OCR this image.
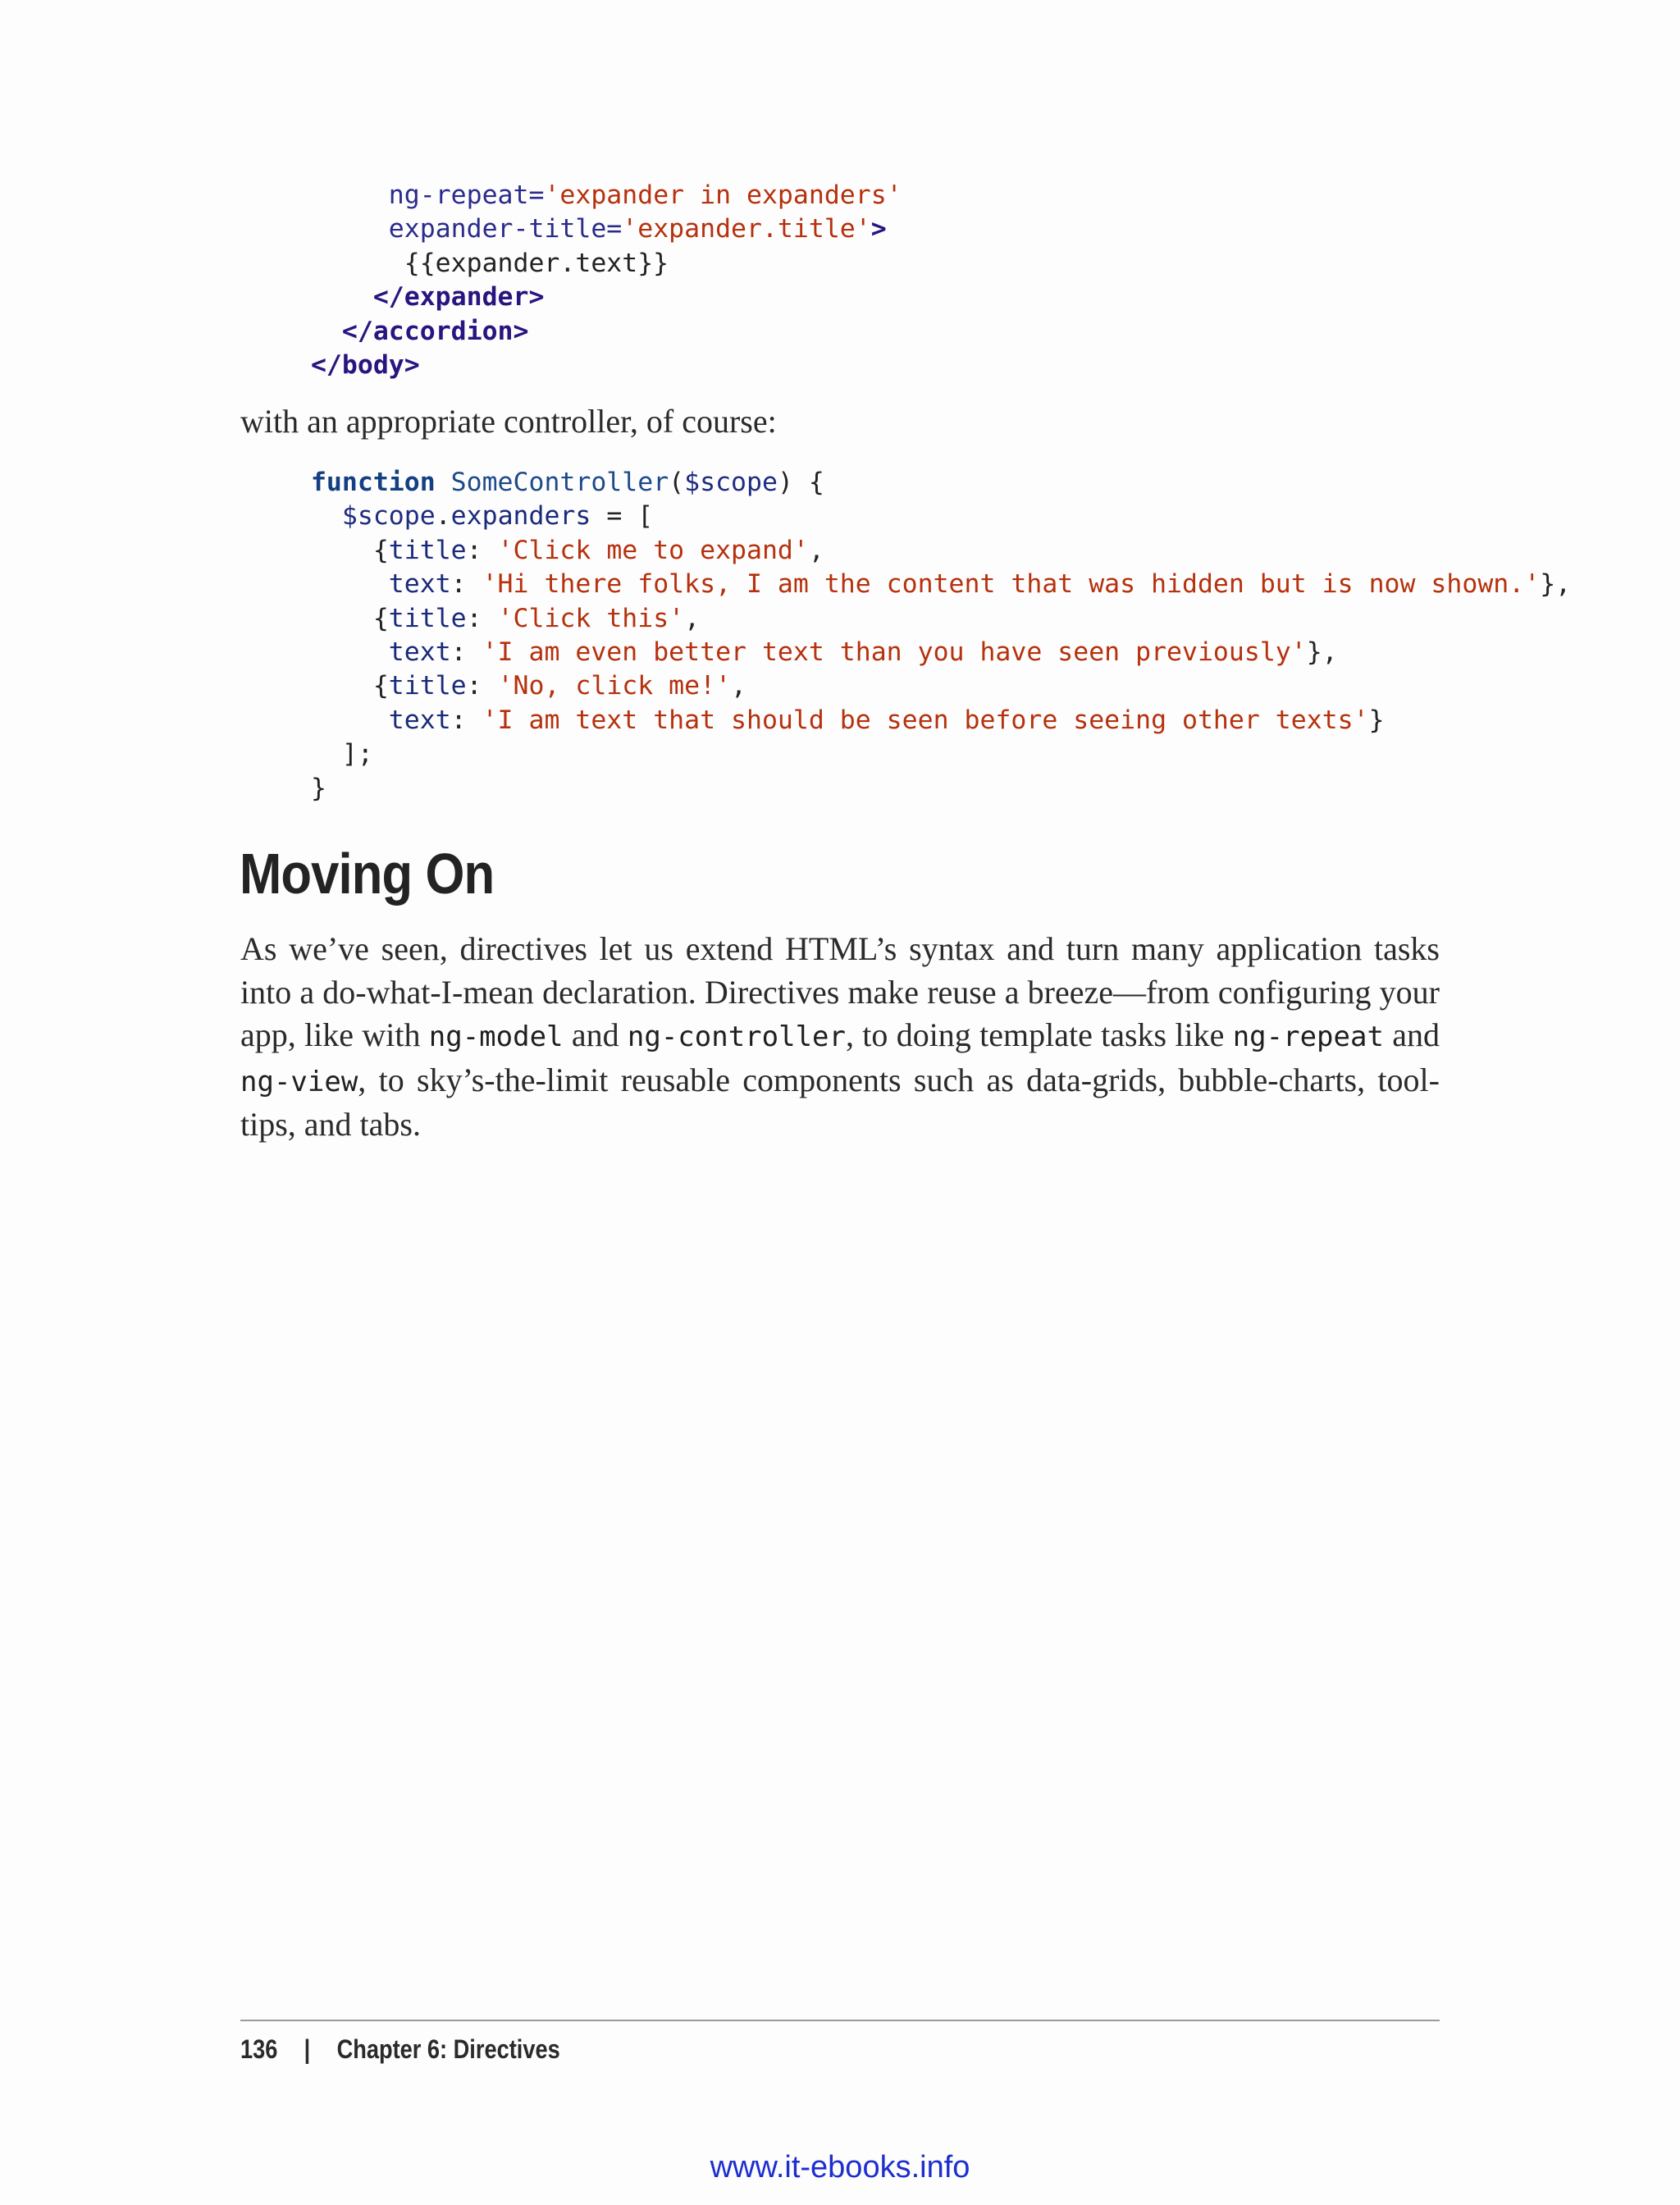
ng-repeat='expander in expanders'
expander-title='expander.title'>
{{expander.text}}
</expander>
</accordion>
</body>

with an appropriate controller, of course:

function SomeController($scope) {
$scope.expanders = [
{title: 'Click me to expand',
text: 'Hi there folks, I am the content that was hidden but is now shown.'},
{title: 'Click this',
text: 'I am even better text than you have seen previously'},
{title: 'No, click me!',
text: 'I am text that should be seen before seeing other texts'}
];
}
Moving On

As we’ve seen, directives let us extend HTML’s syntax and turn many application tasks into a do-what-I-mean declaration. Directives make reuse a breeze—from configuring your app, like with ng-model and ng-controller, to doing template tasks like ng-repeat and ng-view, to sky’s-the-limit reusable components such as data-grids, bubble-charts, tool-tips, and tabs.

136 | Chapter 6: Directives
www.it-ebooks.info
